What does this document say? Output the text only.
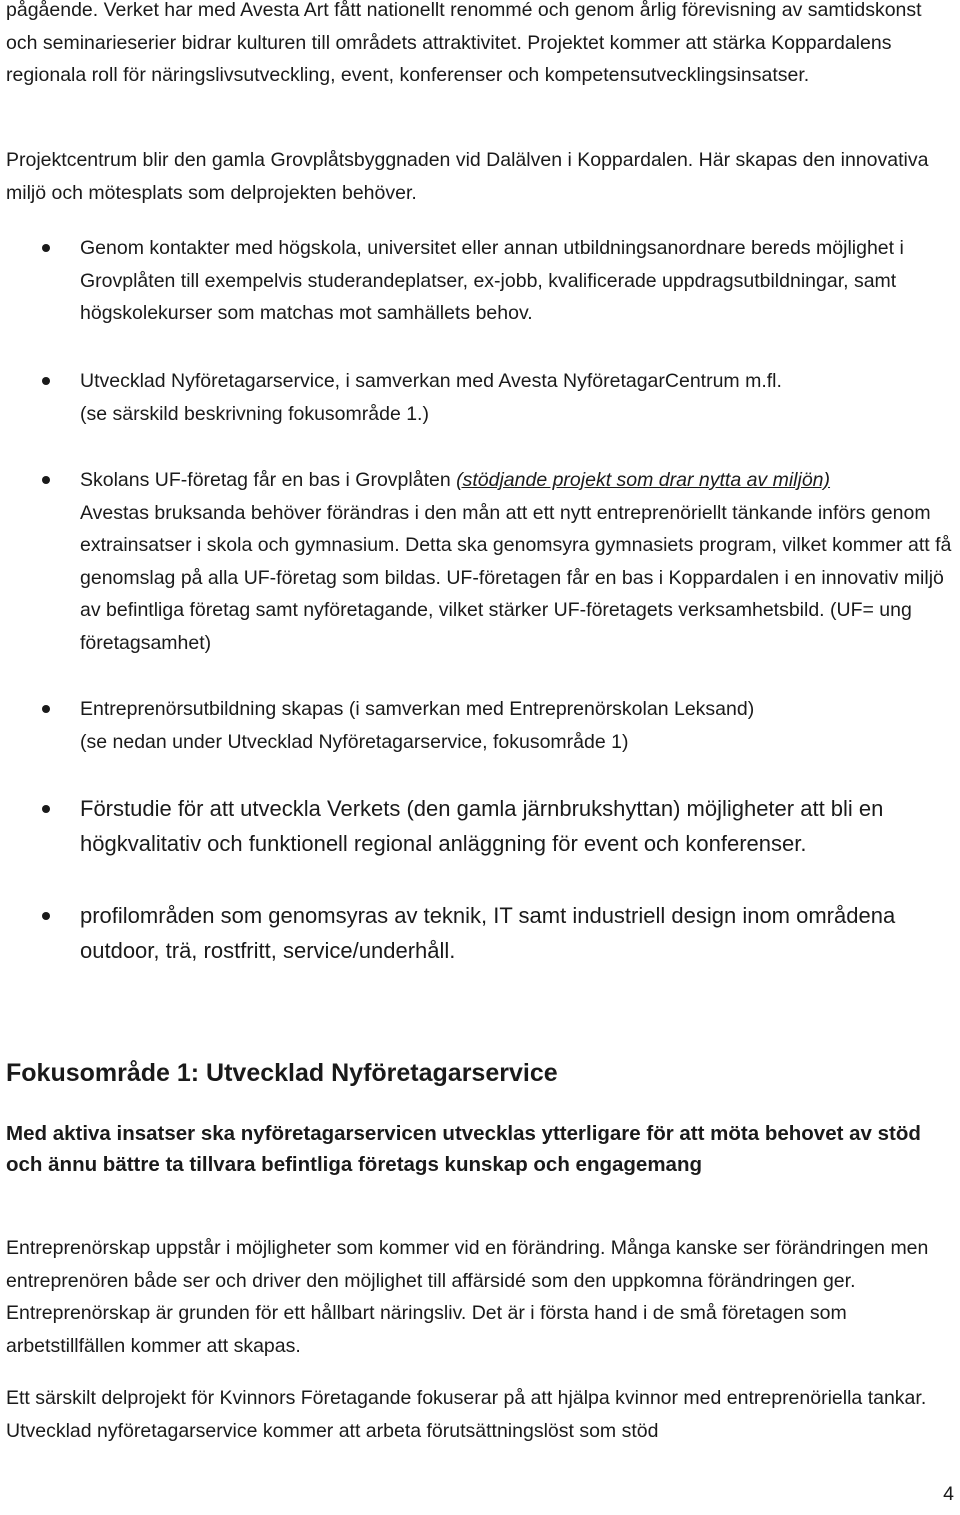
pågående. Verket har med Avesta Art fått nationellt renommé och genom årlig förevisning av samtidskonst och seminarieserier bidrar kulturen till områdets attraktivitet. Projektet kommer att stärka Koppardalens regionala roll för näringslivsutveckling, event, konferenser och kompetensutvecklingsinsatser.

Projektcentrum blir den gamla Grovplåtsbyggnaden vid Dalälven i Koppardalen. Här skapas den innovativa miljö och mötesplats som delprojekten behöver.

Genom kontakter med högskola, universitet eller annan utbildningsanordnare bereds möjlighet i Grovplåten till exempelvis studerandeplatser, ex-jobb, kvalificerade uppdragsutbildningar, samt högskolekurser som matchas mot samhällets behov.
Utvecklad Nyföretagarservice, i samverkan med Avesta NyföretagarCentrum m.fl.
(se särskild beskrivning fokusområde 1.)
Skolans UF-företag får en bas i Grovplåten (stödjande projekt som drar nytta av miljön)
Avestas bruksanda behöver förändras i den mån att ett nytt entreprenöriellt tänkande införs genom extrainsatser i skola och gymnasium. Detta ska genomsyra gymnasiets program, vilket kommer att få genomslag på alla UF-företag som bildas. UF-företagen får en bas i Koppardalen i en innovativ miljö av befintliga företag samt nyföretagande, vilket stärker UF-företagets verksamhetsbild. (UF= ung företagsamhet)
Entreprenörsutbildning skapas (i samverkan med Entreprenörskolan Leksand)
(se nedan under Utvecklad Nyföretagarservice, fokusområde 1)
Förstudie för att utveckla Verkets (den gamla järnbrukshyttan) möjligheter att bli en högkvalitativ och funktionell regional anläggning för event och konferenser.
profilområden som genomsyras av teknik, IT samt industriell design inom områdena outdoor, trä, rostfritt, service/underhåll.
Fokusområde 1: Utvecklad Nyföretagarservice
Med aktiva insatser ska nyföretagarservicen utvecklas ytterligare för att möta behovet av stöd och ännu bättre ta tillvara befintliga företags kunskap och engagemang

Entreprenörskap uppstår i möjligheter som kommer vid en förändring. Många kanske ser förändringen men entreprenören både ser och driver den möjlighet till affärsidé som den uppkomna förändringen ger. Entreprenörskap är grunden för ett hållbart näringsliv. Det är i första hand i de små företagen som arbetstillfällen kommer att skapas.

Ett särskilt delprojekt för Kvinnors Företagande fokuserar på att hjälpa kvinnor med entreprenöriella tankar. Utvecklad nyföretagarservice kommer att arbeta förutsättningslöst som stöd

4
